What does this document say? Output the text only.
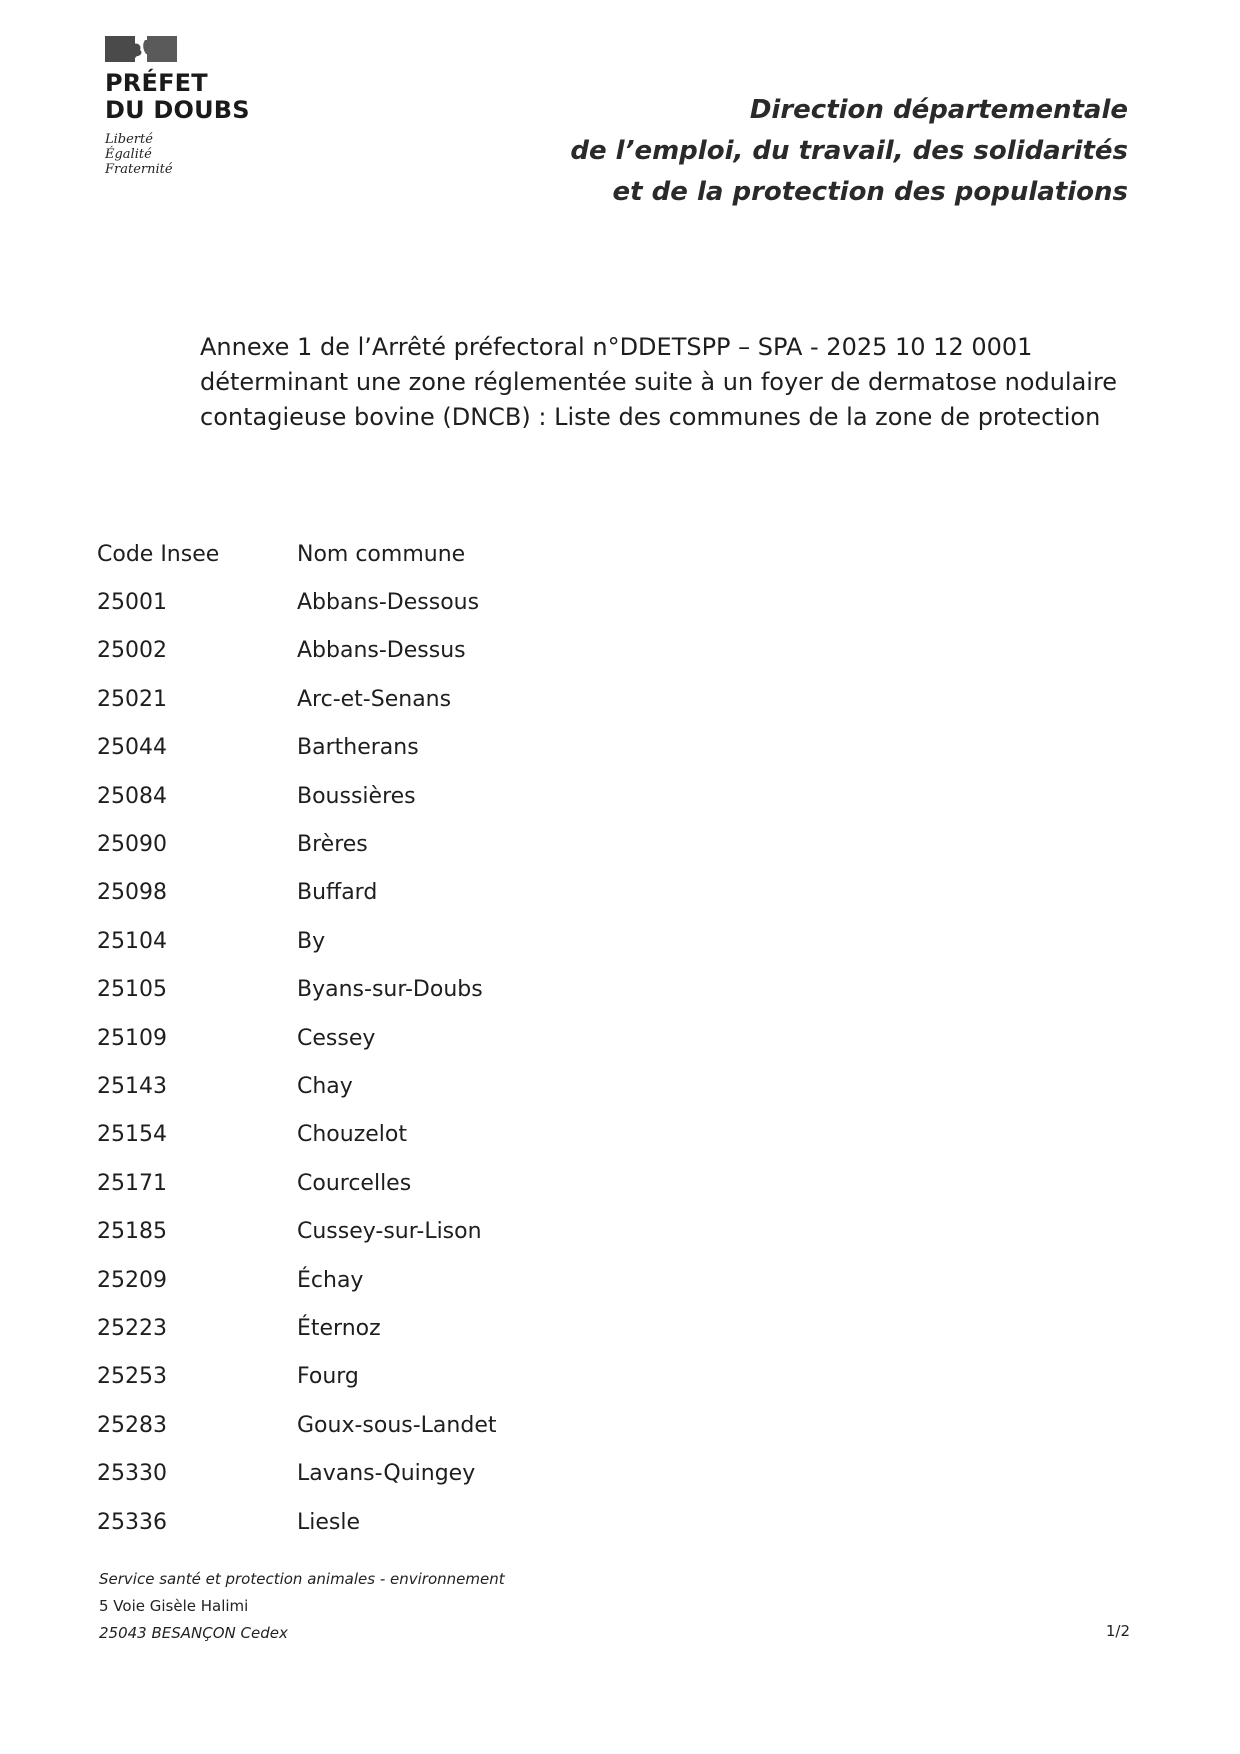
PRÉFET
DU DOUBS
Liberté
Égalité
Fraternité
Direction départementale
de l’emploi, du travail, des solidarités
et de la protection des populations
Annexe 1 de l’Arrêté préfectoral n°DDETSPP – SPA - 2025 10 12 0001
déterminant une zone réglementée suite à un foyer de dermatose nodulaire
contagieuse bovine (DNCB) : Liste des communes de la zone de protection
Code Insee	Nom commune
25001	Abbans-Dessous
25002	Abbans-Dessus
25021	Arc-et-Senans
25044	Bartherans
25084	Boussières
25090	Brères
25098	Buffard
25104	By
25105	Byans-sur-Doubs
25109	Cessey
25143	Chay
25154	Chouzelot
25171	Courcelles
25185	Cussey-sur-Lison
25209	Échay
25223	Éternoz
25253	Fourg
25283	Goux-sous-Landet
25330	Lavans-Quingey
25336	Liesle
Service santé et protection animales - environnement
5 Voie Gisèle Halimi
25043 BESANÇON Cedex	1/2
